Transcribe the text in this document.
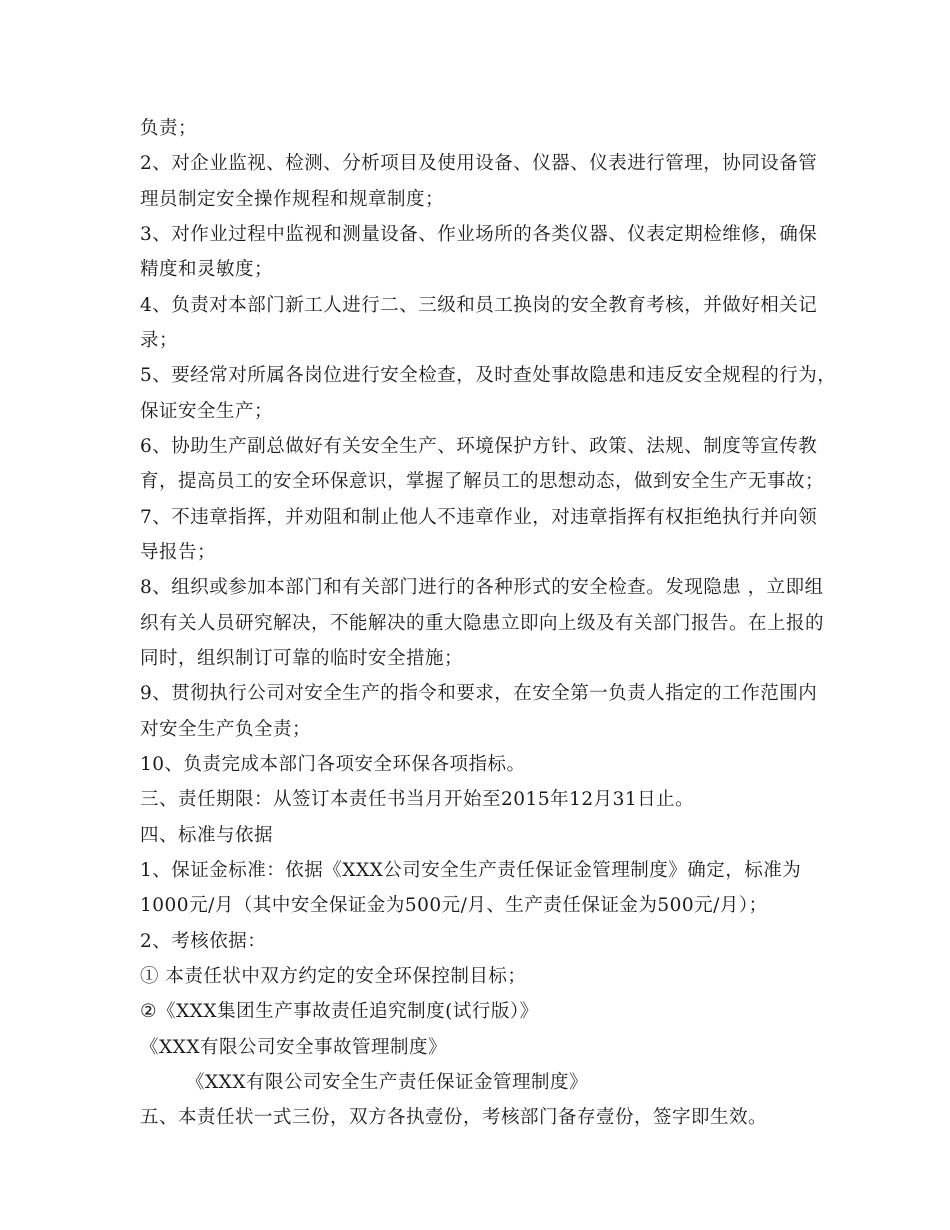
负责；
2、对企业监视、检测、分析项目及使用设备、仪器、仪表进行管理，协同设备管
理员制定安全操作规程和规章制度；
3、对作业过程中监视和测量设备、作业场所的各类仪器、仪表定期检维修，确保
精度和灵敏度；
4、负责对本部门新工人进行二、三级和员工换岗的安全教育考核，并做好相关记
录；
5、要经常对所属各岗位进行安全检查，及时查处事故隐患和违反安全规程的行为，
保证安全生产；
6、协助生产副总做好有关安全生产、环境保护方针、政策、法规、制度等宣传教
育，提高员工的安全环保意识，掌握了解员工的思想动态，做到安全生产无事故；
7、不违章指挥，并劝阻和制止他人不违章作业，对违章指挥有权拒绝执行并向领
导报告；
8、组织或参加本部门和有关部门进行的各种形式的安全检查。发现隐患 ，立即组
织有关人员研究解决，不能解决的重大隐患立即向上级及有关部门报告。在上报的
同时，组织制订可靠的临时安全措施；
9、贯彻执行公司对安全生产的指令和要求，在安全第一负责人指定的工作范围内
对安全生产负全责；
10、负责完成本部门各项安全环保各项指标。
三、责任期限：从签订本责任书当月开始至2015年12月31日止。
四、标准与依据
1、保证金标准：依据《XXX公司安全生产责任保证金管理制度》确定，标准为
1000元/月（其中安全保证金为500元/月、生产责任保证金为500元/月）；
2、考核依据：
① 本责任状中双方约定的安全环保控制目标；
②《XXX集团生产事故责任追究制度(试行版）》
《XXX有限公司安全事故管理制度》
《XXX有限公司安全生产责任保证金管理制度》
五、本责任状一式三份，双方各执壹份，考核部门备存壹份，签字即生效。
